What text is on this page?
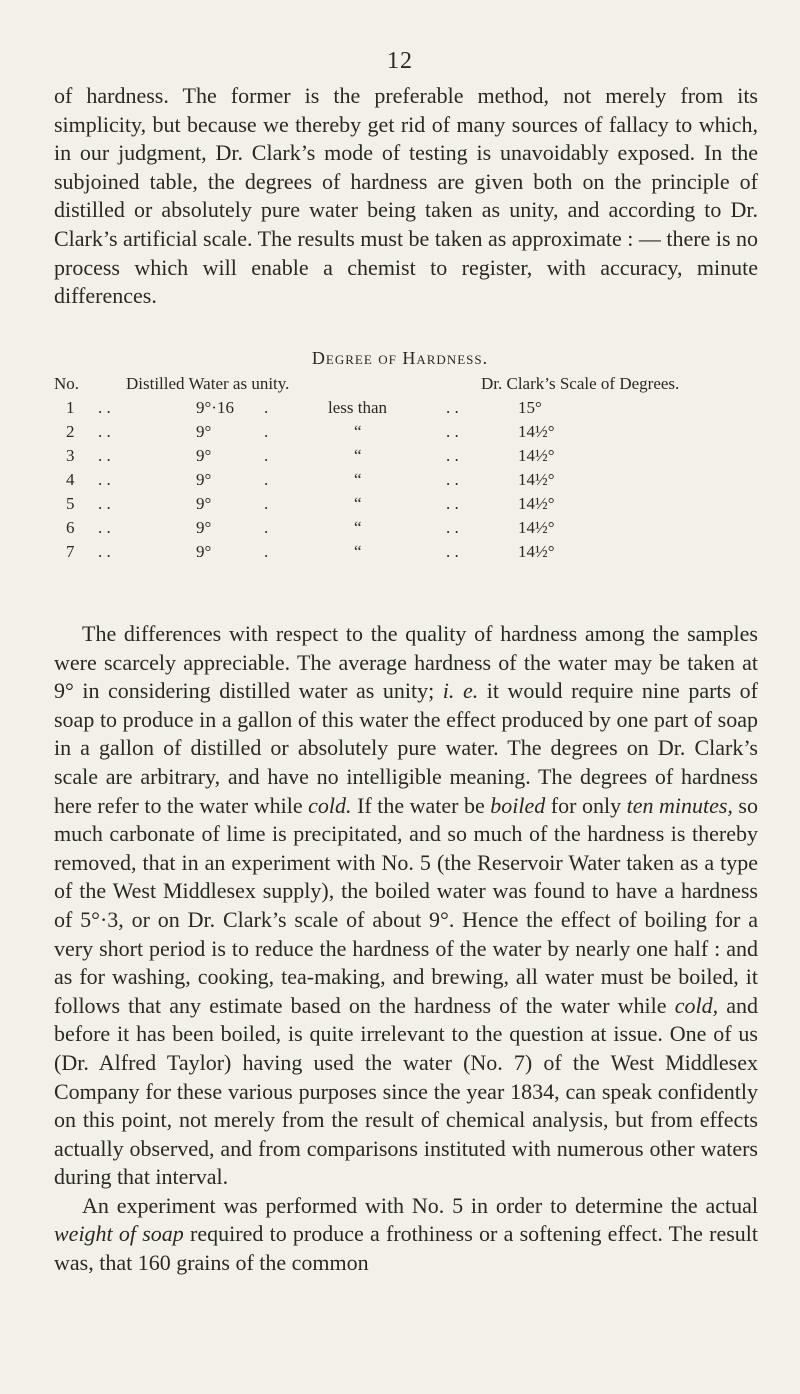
12

of hardness. The former is the preferable method, not merely from its simplicity, but because we thereby get rid of many sources of fallacy to which, in our judgment, Dr. Clark’s mode of testing is unavoidably exposed. In the subjoined table, the degrees of hardness are given both on the principle of distilled or absolutely pure water being taken as unity, and according to Dr. Clark’s artificial scale. The results must be taken as approximate : — there is no process which will enable a chemist to register, with accuracy, minute differences.

Degree of Hardness.
No.	Distilled Water as unity.	Dr. Clark’s Scale of Degrees.
1 . .	9°·16 .	less than	. .	15°
2 . .	9°	.	“	. .	14½°
3 . .	9°	.	“	. .	14½°
4 . .	9°	.	“	. .	14½°
5 . .	9°	.	“	. .	14½°
6 . .	9°	.	“	. .	14½°
7 . .	9°	.	“	. .	14½°

The differences with respect to the quality of hardness among the samples were scarcely appreciable. The average hardness of the water may be taken at 9° in considering distilled water as unity; i. e. it would require nine parts of soap to produce in a gallon of this water the effect produced by one part of soap in a gallon of distilled or absolutely pure water. The degrees on Dr. Clark’s scale are arbitrary, and have no intelligible meaning. The degrees of hardness here refer to the water while cold. If the water be boiled for only ten minutes, so much carbonate of lime is precipitated, and so much of the hardness is thereby removed, that in an experiment with No. 5 (the Reservoir Water taken as a type of the West Middlesex supply), the boiled water was found to have a hardness of 5°·3, or on Dr. Clark’s scale of about 9°. Hence the effect of boiling for a very short period is to reduce the hardness of the water by nearly one half : and as for washing, cooking, tea-making, and brewing, all water must be boiled, it follows that any estimate based on the hardness of the water while cold, and before it has been boiled, is quite irrelevant to the question at issue. One of us (Dr. Alfred Taylor) having used the water (No. 7) of the West Middlesex Company for these various purposes since the year 1834, can speak confidently on this point, not merely from the result of chemical analysis, but from effects actually observed, and from comparisons instituted with numerous other waters during that interval.
An experiment was performed with No. 5 in order to determine the actual weight of soap required to produce a frothiness or a softening effect. The result was, that 160 grains of the common
